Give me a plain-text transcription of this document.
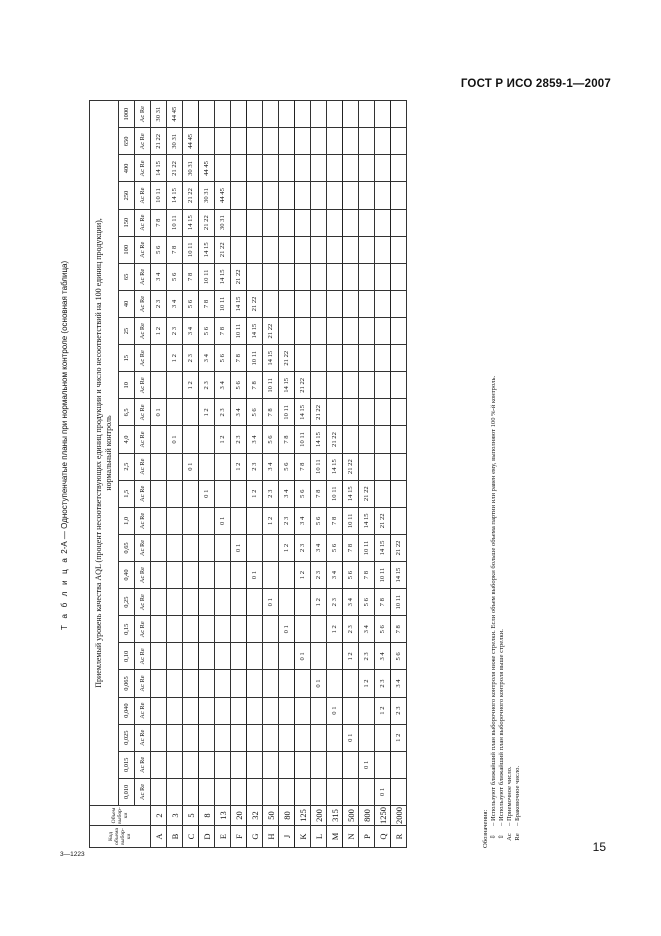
ГОСТ Р ИСО 2859-1—2007
Т а б л и ц а 2-А — Одноступенчатые планы при нормальном контроле (основная таблица)
Код объема выбор-ки	Объем выбор-ки	Приемлемый уровень качества AQL (процент несоответствующих единиц продукции и число несоответствий на 100 единиц продукции),
нормальный контроль																									
		0,010	0,015	0,025	0,040	0,065	0,10	0,15	0,25	0,40	0,65	1,0	1,5	2,5	4,0	6,5	10	15	25	40	65	100	150	250	400	650	1000
		Ac Re	Ac Re	Ac Re	Ac Re	Ac Re	Ac Re	Ac Re	Ac Re	Ac Re	Ac Re	Ac Re	Ac Re	Ac Re	Ac Re	Ac Re	Ac Re	Ac Re	Ac Re	Ac Re	Ac Re	Ac Re	Ac Re	Ac Re	Ac Re	Ac Re	Ac Re
A	2															0 1			1 2	2 3	3 4	5 6	7 8	10 11	14 15	21 22	30 31
B	3														0 1			1 2	2 3	3 4	5 6	7 8	10 11	14 15	21 22	30 31	44 45
C	5													0 1			1 2	2 3	3 4	5 6	7 8	10 11	14 15	21 22	30 31	44 45	
D	8												0 1			1 2	2 3	3 4	5 6	7 8	10 11	14 15	21 22	30 31	44 45		
E	13											0 1			1 2	2 3	3 4	5 6	7 8	10 11	14 15	21 22	30 31	44 45			
F	20										0 1			1 2	2 3	3 4	5 6	7 8	10 11	14 15	21 22						
G	32									0 1			1 2	2 3	3 4	5 6	7 8	10 11	14 15	21 22							
H	50								0 1			1 2	2 3	3 4	5 6	7 8	10 11	14 15	21 22								
J	80							0 1			1 2	2 3	3 4	5 6	7 8	10 11	14 15	21 22									
K	125						0 1			1 2	2 3	3 4	5 6	7 8	10 11	14 15	21 22										
L	200					0 1			1 2	2 3	3 4	5 6	7 8	10 11	14 15	21 22											
M	315				0 1			1 2	2 3	3 4	5 6	7 8	10 11	14 15	21 22												
N	500			0 1			1 2	2 3	3 4	5 6	7 8	10 11	14 15	21 22													
P	800		0 1			1 2	2 3	3 4	5 6	7 8	10 11	14 15	21 22														
Q	1250	0 1			1 2	2 3	3 4	5 6	7 8	10 11	14 15	21 22															
R	2000			1 2	2 3	3 4	5 6	7 8	10 11	14 15	21 22																
Обозначения: ⇩
– Используют ближайший план выборочного контроля ниже стрелки. Если объем выборки больше объема партии или равен ему, выполняют 100 %-й контроль.
⇧
– Используют ближайший план выборочного контроля выше стрелки.
Ac
– Приемочное число.
Re
– Браковочное число.
3—1223
15
